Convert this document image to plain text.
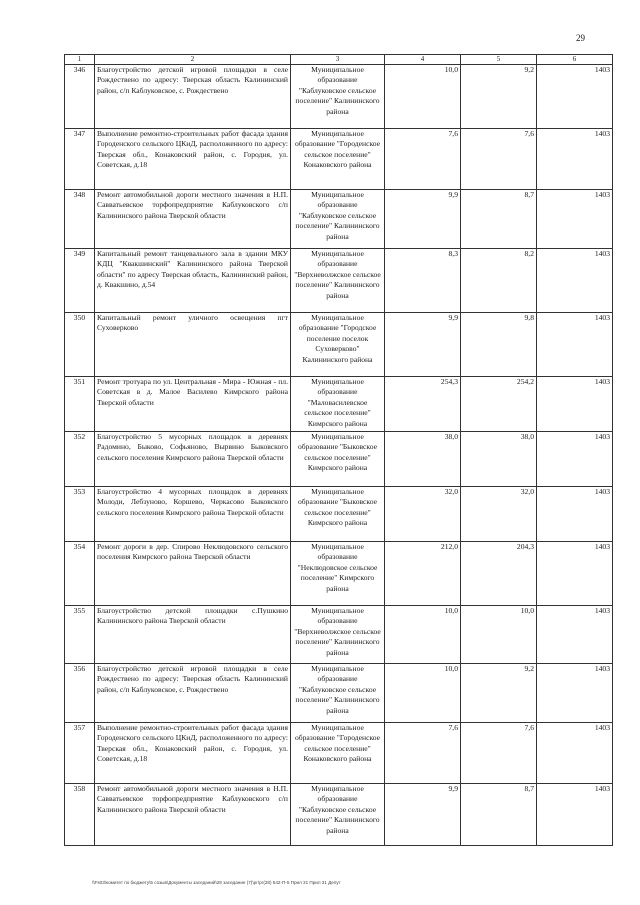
29
1	2	3	4	5	6
346	Благоустройство детской игровой площадки в селе Рождествено по адресу: Тверская область Калининский район, с/п Каблуковское, с. Рождествено	Муниципальное образование "Каблуковское сельское поселение" Калининского района	10,0	9,2	1403
347	Выполнение ремонтно-строительных работ фасада здания Городенского сельского ЦКиД, расположенного по адресу: Тверская обл., Конаковский район, с. Городня, ул. Советская, д.18	Муниципальное образование "Городенское сельское поселение" Конаковского района	7,6	7,6	1403
348	Ремонт автомобильной дороги местного значения в Н.П. Савватьевское торфопредприятие Каблуковского с/п Калининского района Тверской области	Муниципальное образование "Каблуковское сельское поселение" Калининского района	9,9	8,7	1403
349	Капитальный ремонт танцевального зала в здании МКУ КДЦ "Квакшинский" Калининского района Тверской области" по адресу Тверская область, Калининский район, д. Квакшино, д.54	Муниципальное образование "Верхневолжское сельское поселение" Калининского района	8,3	8,2	1403
350	Капитальный ремонт уличного освещения пгт Суховерково	Муниципальное образование "Городское поселение поселок Суховерково" Калининского района	9,9	9,8	1403
351	Ремонт тротуара по ул. Центральная - Мира - Южная - пл. Советская в д. Малое Василево Кимрского района Тверской области	Муниципальное образование "Маловасилевское сельское поселение" Кимрского района	254,3	254,2	1403
352	Благоустройство 5 мусорных площадок в деревнях Радомино, Быково, Софьяново, Вырвино Быковского сельского поселения Кимрского района Тверской области	Муниципальное образование "Быковское сельское поселение" Кимрского района	38,0	38,0	1403
353	Благоустройство 4 мусорных площадок в деревнях Молоди, Лебзуново, Коршево, Черкасово Быковского сельского поселения Кимрского района Тверской области	Муниципальное образование "Быковское сельское поселение" Кимрского района	32,0	32,0	1403
354	Ремонт дороги в дер. Спирово Неклюдовского сельского поселения Кимрского района Тверской области	Муниципальное образование "Неклюдовское сельское поселение" Кимрского района	212,0	204,3	1403
355	Благоустройство детской площадки с.Пушкино Калининского района Тверской области	Муниципальное образование "Верхневолжское сельское поселение" Калининского района	10,0	10,0	1403
356	Благоустройство детской игровой площадки в селе Рождествено по адресу: Тверская область Калининский район, с/п Каблуковское, с. Рождествено	Муниципальное образование "Каблуковское сельское поселение" Калининского района	10,0	9,2	1403
357	Выполнение ремонтно-строительных работ фасада здания Городенского сельского ЦКиД, расположенного по адресу: Тверская обл., Конаковский район, с. Городня, ул. Советская, д.18	Муниципальное образование "Городенское сельское поселение" Конаковского района	7,6	7,6	1403
358	Ремонт автомобильной дороги местного значения в Н.П. Савватьевское торфопредприятие Каблуковского с/п Калининского района Тверской области	Муниципальное образование "Каблуковское сельское поселение" Калининского района	9,9	8,7	1403
\\Fs03\комитет по бюджету\5 созыв\Документы заседаний\28 заседание (7)\рг\рг(28) 542-П-5 Прил 31 Прил 31 Депут
